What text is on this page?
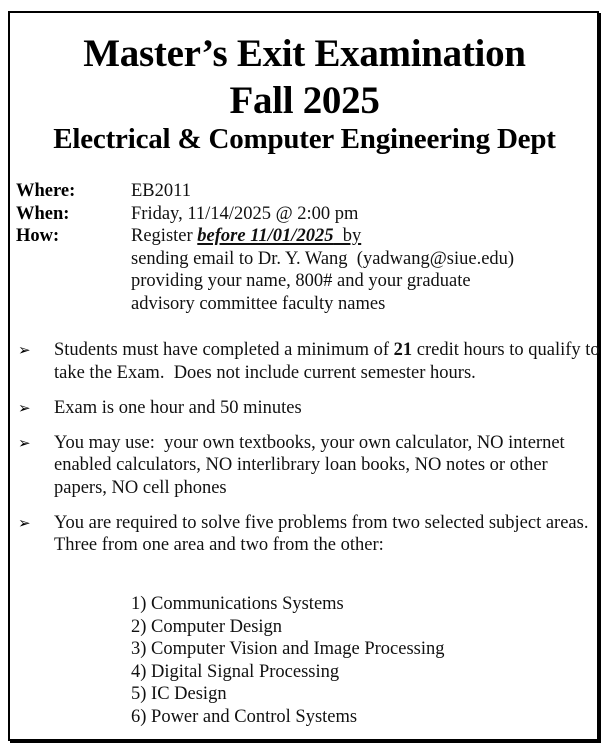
Master’s Exit Examination
Fall 2025
Electrical & Computer Engineering Dept
Where:	EB2011
When:	Friday, 11/14/2025 @ 2:00 pm
How:	Register before 11/01/2025  by
sending email to Dr. Y. Wang  (yadwang@siue.edu)
providing your name, 800# and your graduate
advisory committee faculty names
➢ Students must have completed a minimum of 21 credit hours to qualify to take the Exam.  Does not include current semester hours.
➢ Exam is one hour and 50 minutes
➢ You may use:  your own textbooks, your own calculator, NO internet enabled calculators, NO interlibrary loan books, NO notes or other papers, NO cell phones
➢ You are required to solve five problems from two selected subject areas.  Three from one area and two from the other:
1) Communications Systems
2) Computer Design
3) Computer Vision and Image Processing
4) Digital Signal Processing
5) IC Design
6) Power and Control Systems
